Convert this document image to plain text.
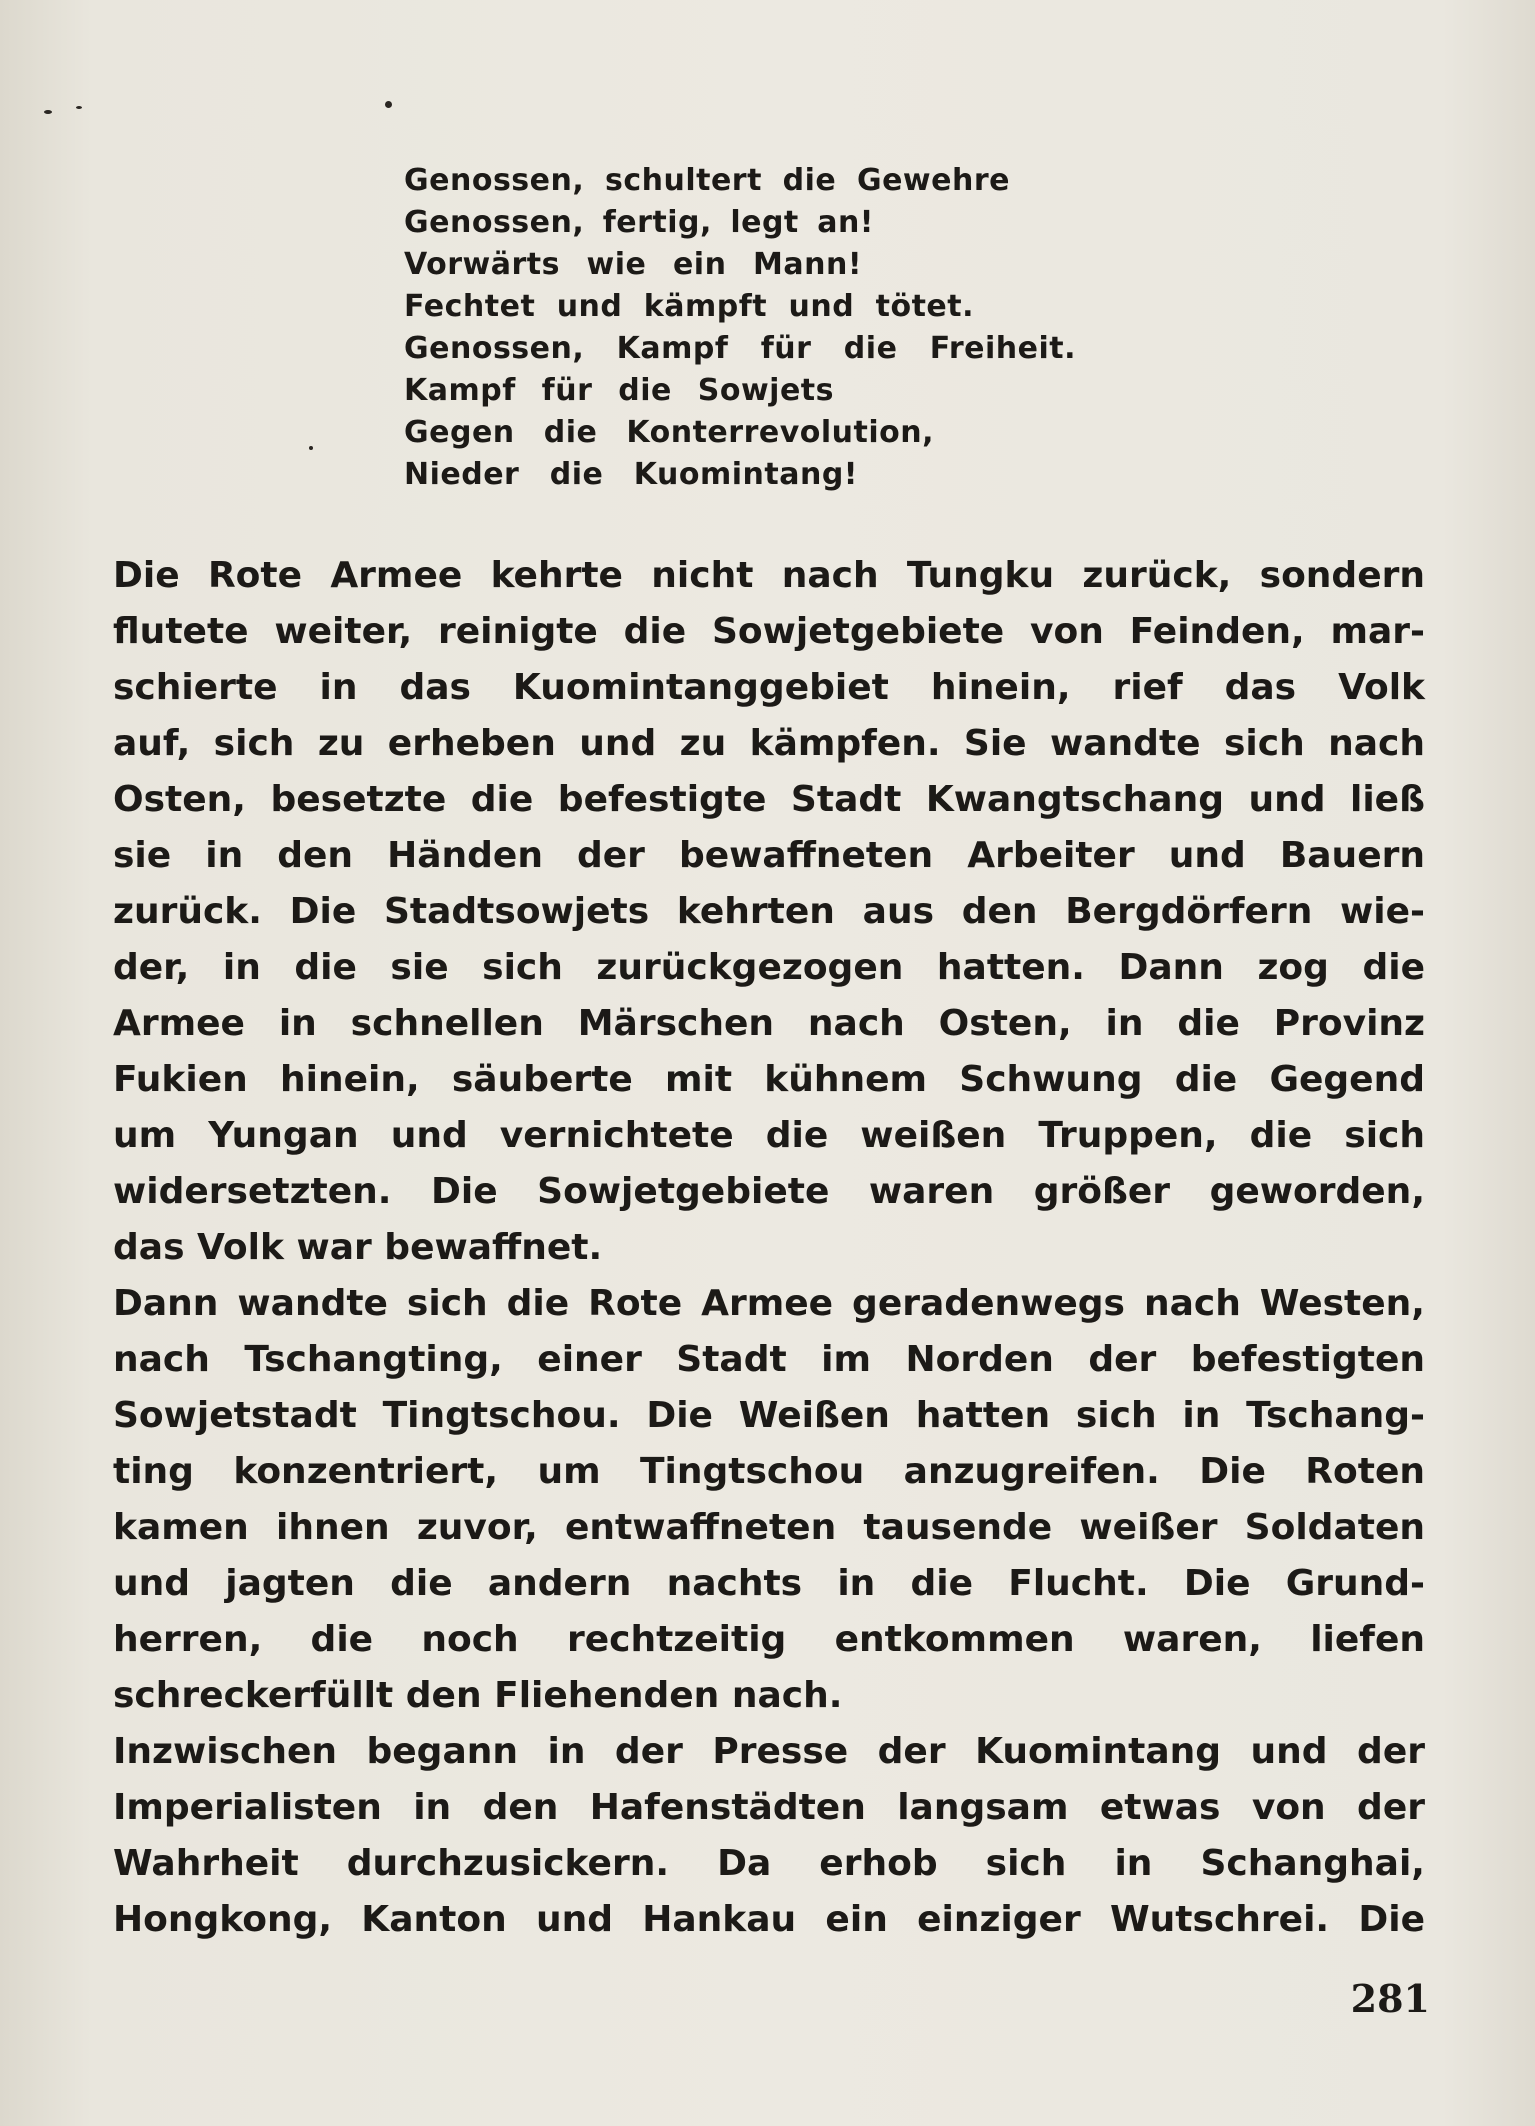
Genossen, schultert die Gewehre
Genossen, fertig, legt an!
Vorwärts wie ein Mann!
Fechtet und kämpft und tötet.
Genossen, Kampf für die Freiheit.
Kampf für die Sowjets
Gegen die Konterrevolution,
Nieder die Kuomintang!
Die Rote Armee kehrte nicht nach Tungku zurück, sondern
flutete weiter, reinigte die Sowjetgebiete von Feinden, mar-
schierte in das Kuomintanggebiet hinein, rief das Volk
auf, sich zu erheben und zu kämpfen. Sie wandte sich nach
Osten, besetzte die befestigte Stadt Kwangtschang und ließ
sie in den Händen der bewaffneten Arbeiter und Bauern
zurück. Die Stadtsowjets kehrten aus den Bergdörfern wie-
der, in die sie sich zurückgezogen hatten. Dann zog die
Armee in schnellen Märschen nach Osten, in die Provinz
Fukien hinein, säuberte mit kühnem Schwung die Gegend
um Yungan und vernichtete die weißen Truppen, die sich
widersetzten. Die Sowjetgebiete waren größer geworden,
das Volk war bewaffnet.
Dann wandte sich die Rote Armee geradenwegs nach Westen,
nach Tschangting, einer Stadt im Norden der befestigten
Sowjetstadt Tingtschou. Die Weißen hatten sich in Tschang-
ting konzentriert, um Tingtschou anzugreifen. Die Roten
kamen ihnen zuvor, entwaffneten tausende weißer Soldaten
und jagten die andern nachts in die Flucht. Die Grund-
herren, die noch rechtzeitig entkommen waren, liefen
schreckerfüllt den Fliehenden nach.
Inzwischen begann in der Presse der Kuomintang und der
Imperialisten in den Hafenstädten langsam etwas von der
Wahrheit durchzusickern. Da erhob sich in Schanghai,
Hongkong, Kanton und Hankau ein einziger Wutschrei. Die
281
